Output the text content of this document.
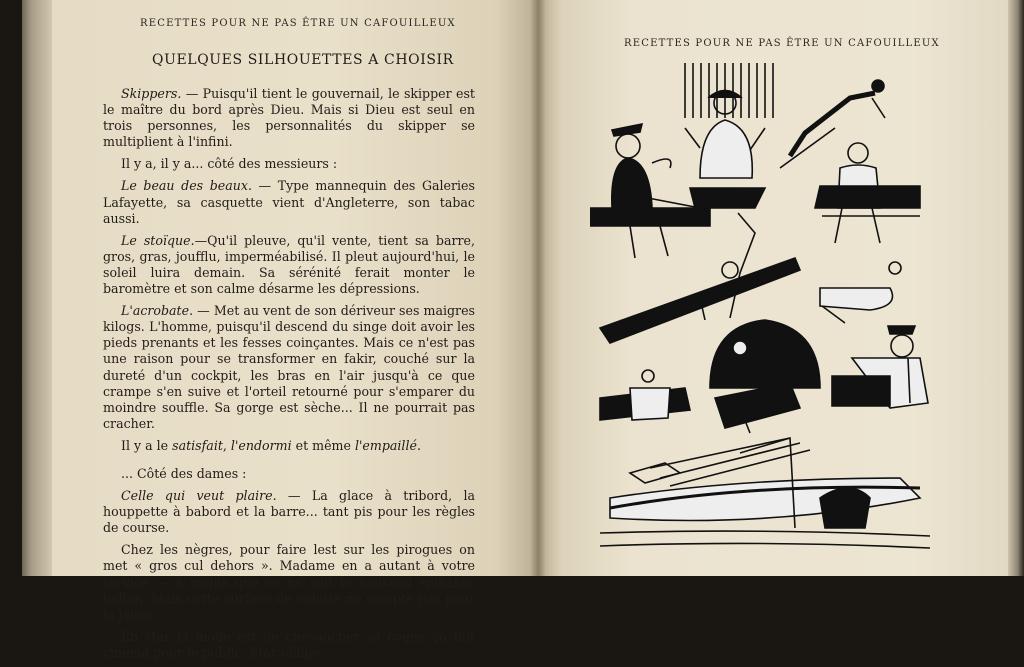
RECETTES POUR NE PAS ÊTRE UN CAFOUILLEUX
QUELQUES SILHOUETTES A CHOISIR

Skippers. — Puisqu'il tient le gouvernail, le skipper est le maître du bord après Dieu. Mais si Dieu est seul en trois personnes, les personnalités du skipper se multiplient à l'infini.

Il y a, il y a... côté des messieurs :

Le beau des beaux. — Type mannequin des Galeries Lafayette, sa casquette vient d'Angleterre, son tabac aussi.

Le stoïque.—Qu'il pleuve, qu'il vente, tient sa barre, gros, gras, joufflu, imperméabilisé. Il pleut aujourd'hui, le soleil luira demain. Sa sérénité ferait monter le baromètre et son calme désarme les dépressions.

L'acrobate. — Met au vent de son dériveur ses maigres kilogs. L'homme, puisqu'il descend du singe doit avoir les pieds prenants et les fesses coinçantes. Mais ce n'est pas une raison pour se transformer en fakir, couché sur la dureté d'un cockpit, les bras en l'air jusqu'à ce que crampe s'en suive et l'orteil retourné pour s'emparer du moindre souffle. Sa gorge est sèche... Il ne pourrait pas cracher.

Il y a le satisfait, l'endormi et même l'empaillé.

... Côté des dames :

Celle qui veut plaire. — La glace à tribord, la houppette à babord et la barre... tant pis pour les règles de course.

Chez les nègres, pour faire lest sur les pirogues on met « gros cul dehors ». Madame en a autant à votre service — à moins que ce ne soit le nouveau spinaker ballon. Mais cette surface de culotte ne compte pas pour la jauge.

En star la mode est de chevaucher sa coque ça fait cinéma pour le public. Star oblige.

RECETTES POUR NE PAS ÊTRE UN CAFOUILLEUX
